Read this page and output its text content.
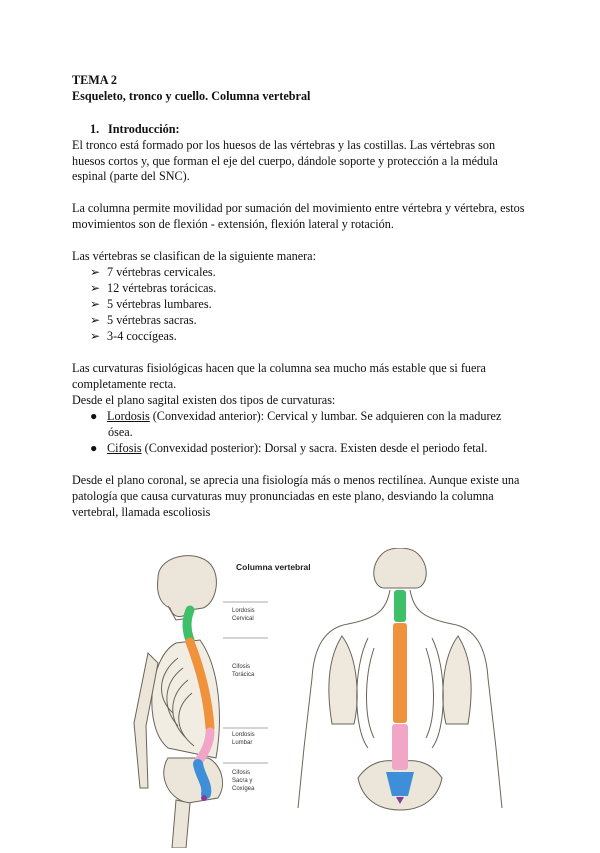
TEMA 2
Esqueleto, tronco y cuello. Columna vertebral
1. Introducción:
El tronco está formado por los huesos de las vértebras y las costillas. Las vértebras son
huesos cortos y, que forman el eje del cuerpo, dándole soporte y protección a la médula
espinal (parte del SNC).
La columna permite movilidad por sumación del movimiento entre vértebra y vértebra, estos
movimientos son de flexión - extensión, flexión lateral y rotación.
Las vértebras se clasifican de la siguiente manera:
➢ 7 vértebras cervicales.
➢ 12 vértebras torácicas.
➢ 5 vértebras lumbares.
➢ 5 vértebras sacras.
➢ 3-4 coccígeas.
Las curvaturas fisiológicas hacen que la columna sea mucho más estable que si fuera
completamente recta.
Desde el plano sagital existen dos tipos de curvaturas:
● Lordosis (Convexidad anterior): Cervical y lumbar. Se adquieren con la madurez
ósea.
● Cifosis (Convexidad posterior): Dorsal y sacra. Existen desde el periodo fetal.
Desde el plano coronal, se aprecia una fisiología más o menos rectilínea. Aunque existe una
patología que causa curvaturas muy pronunciadas en este plano, desviando la columna
vertebral, llamada escoliosis
Columna vertebral
Lordosis
Cervical
Cifosis
Torácica
Lordosis
Lumbar
Cifosis
Sacra y
Coxígea
